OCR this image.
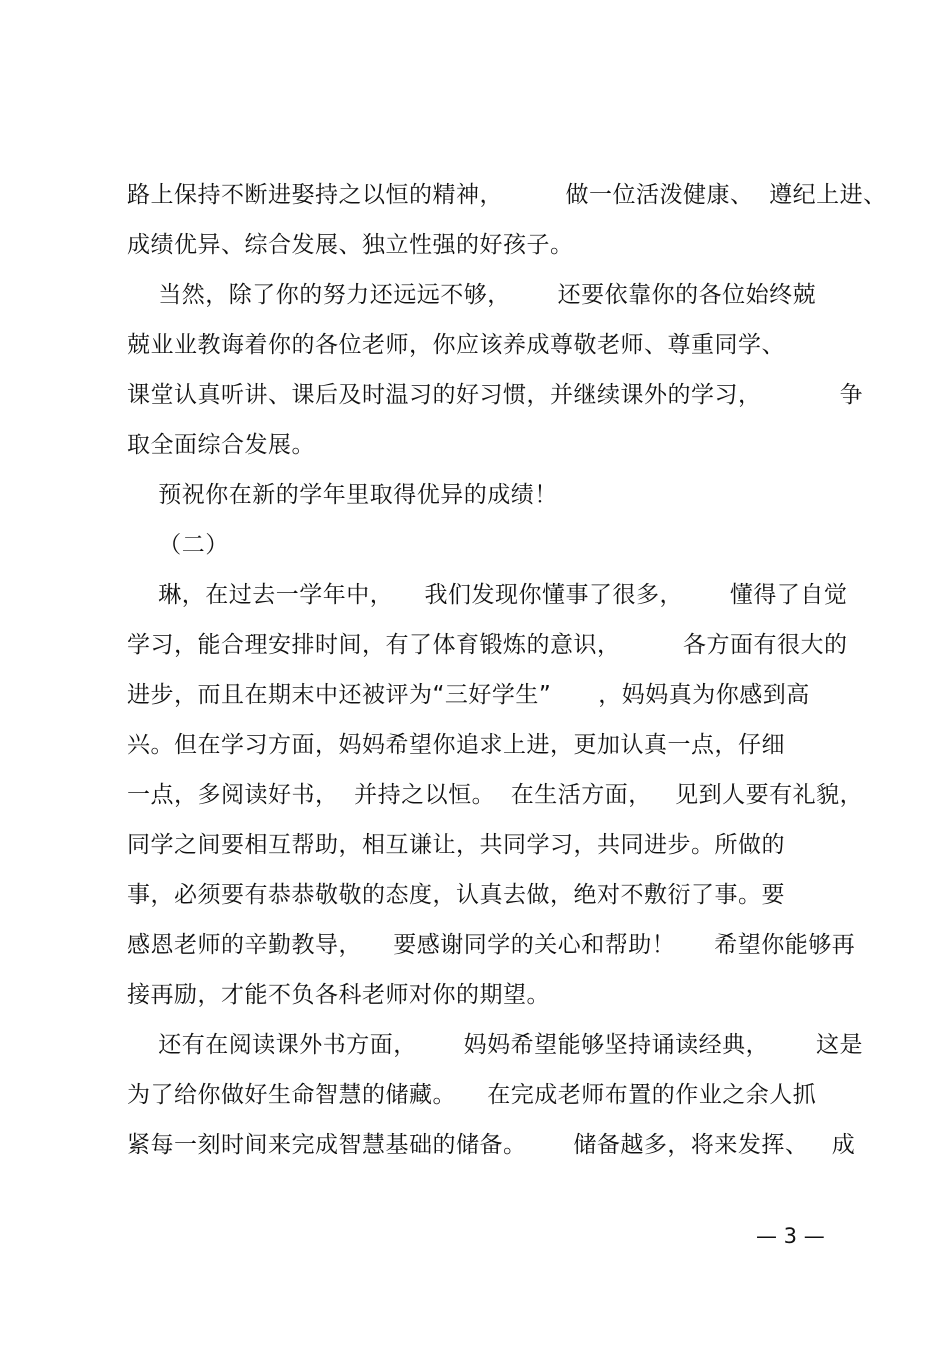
路上保持不断进娶持之以恒的精神，        做一位活泼健康、  遵纪上进、
成绩优异、综合发展、独立性强的好孩子。
当然，除了你的努力还远远不够，      还要依靠你的各位始终兢
兢业业教诲着你的各位老师，你应该养成尊敬老师、尊重同学、
课堂认真听讲、课后及时温习的好习惯，并继续课外的学习，          争
取全面综合发展。
预祝你在新的学年里取得优异的成绩！
（二）
琳，在过去一学年中，    我们发现你懂事了很多，      懂得了自觉
学习，能合理安排时间，有了体育锻炼的意识，        各方面有很大的
进步，而且在期末中还被评为“三好学生”      ，妈妈真为你感到高
兴。但在学习方面，妈妈希望你追求上进，更加认真一点，仔细
一点，多阅读好书，  并持之以恒。  在生活方面，   见到人要有礼貌，
同学之间要相互帮助，相互谦让，共同学习，共同进步。所做的
事，必须要有恭恭敬敬的态度，认真去做，绝对不敷衍了事。要
感恩老师的辛勤教导，    要感谢同学的关心和帮助！     希望你能够再
接再励，才能不负各科老师对你的期望。
还有在阅读课外书方面，      妈妈希望能够坚持诵读经典，      这是
为了给你做好生命智慧的储藏。    在完成老师布置的作业之余人抓
紧每一刻时间来完成智慧基础的储备。      储备越多，将来发挥、   成
— 3 —
